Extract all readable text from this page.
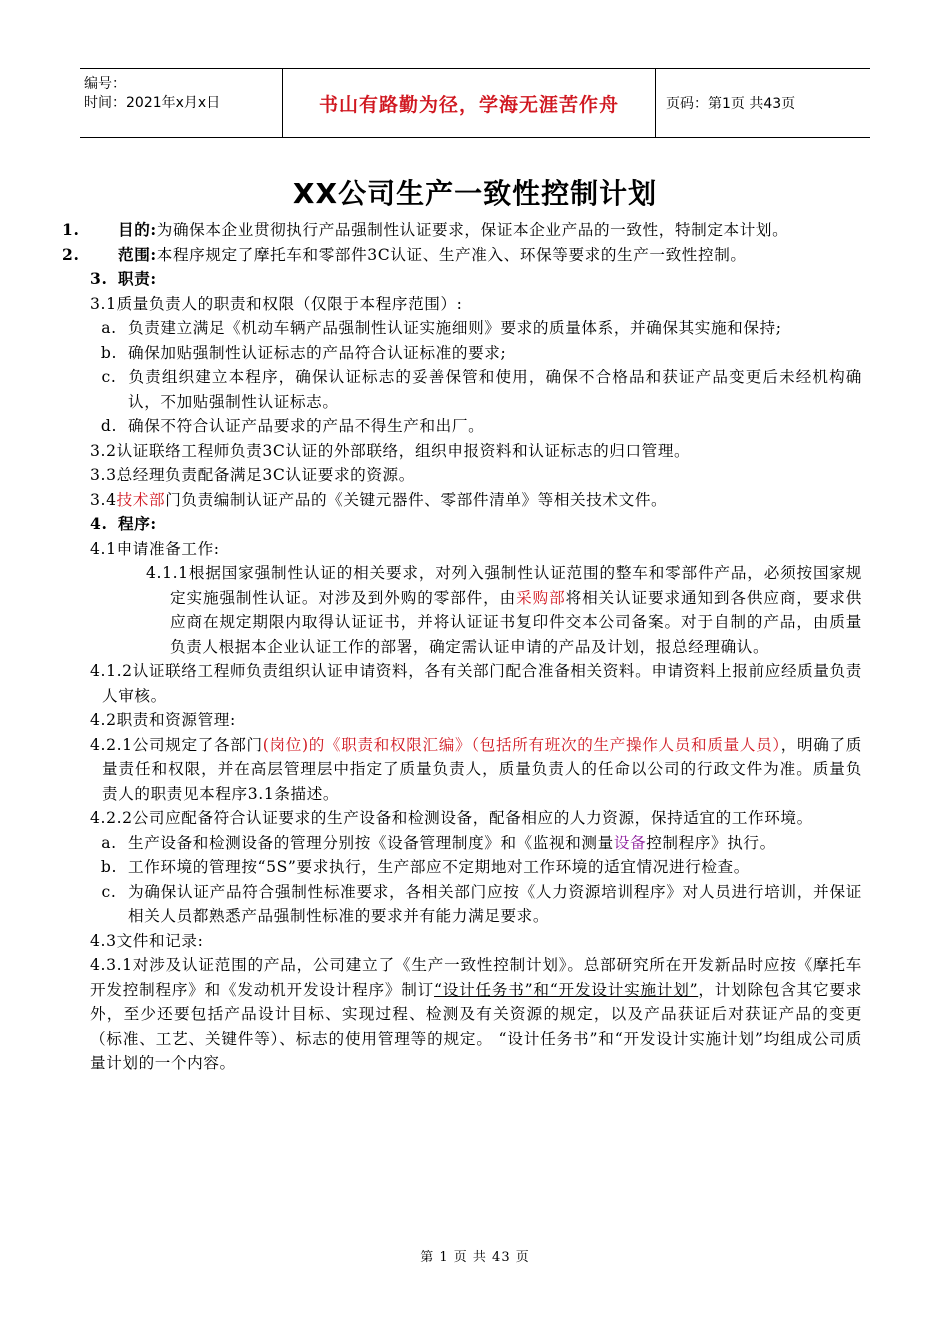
编号：
时间：2021年x月x日	书山有路勤为径，学海无涯苦作舟	页码：第1页 共43页
XX公司生产一致性控制计划

1. 目的:为确保本企业贯彻执行产品强制性认证要求，保证本企业产品的一致性，特制定本计划。

2. 范围:本程序规定了摩托车和零部件3C认证、生产准入、环保等要求的生产一致性控制。

3. 职责:

3.1质量负责人的职责和权限（仅限于本程序范围）:

a. 负责建立满足《机动车辆产品强制性认证实施细则》要求的质量体系，并确保其实施和保持;

b. 确保加贴强制性认证标志的产品符合认证标准的要求;

c. 负责组织建立本程序，确保认证标志的妥善保管和使用，确保不合格品和获证产品变更后未经机构确认，不加贴强制性认证标志。

d. 确保不符合认证产品要求的产品不得生产和出厂。

3.2认证联络工程师负责3C认证的外部联络，组织申报资料和认证标志的归口管理。

3.3总经理负责配备满足3C认证要求的资源。

3.4技术部门负责编制认证产品的《关键元器件、零部件清单》等相关技术文件。

4. 程序:

4.1申请准备工作:

4.1.1根据国家强制性认证的相关要求，对列入强制性认证范围的整车和零部件产品，必须按国家规定实施强制性认证。对涉及到外购的零部件，由采购部将相关认证要求通知到各供应商，要求供应商在规定期限内取得认证证书，并将认证证书复印件交本公司备案。对于自制的产品，由质量负责人根据本企业认证工作的部署，确定需认证申请的产品及计划，报总经理确认。

4.1.2认证联络工程师负责组织认证申请资料，各有关部门配合准备相关资料。申请资料上报前应经质量负责人审核。

4.2职责和资源管理:

4.2.1公司规定了各部门(岗位)的《职责和权限汇编》（包括所有班次的生产操作人员和质量人员），明确了质量责任和权限，并在高层管理层中指定了质量负责人，质量负责人的任命以公司的行政文件为准。质量负责人的职责见本程序3.1条描述。

4.2.2公司应配备符合认证要求的生产设备和检测设备，配备相应的人力资源，保持适宜的工作环境。

a. 生产设备和检测设备的管理分别按《设备管理制度》和《监视和测量设备控制程序》执行。

b. 工作环境的管理按“5S”要求执行，生产部应不定期地对工作环境的适宜情况进行检查。

c. 为确保认证产品符合强制性标准要求，各相关部门应按《人力资源培训程序》对人员进行培训，并保证相关人员都熟悉产品强制性标准的要求并有能力满足要求。

4.3文件和记录:

4.3.1对涉及认证范围的产品，公司建立了《生产一致性控制计划》。总部研究所在开发新品时应按《摩托车开发控制程序》和《发动机开发设计程序》制订“设计任务书”和“开发设计实施计划”，计划除包含其它要求外，至少还要包括产品设计目标、实现过程、检测及有关资源的规定，以及产品获证后对获证产品的变更（标准、工艺、关键件等）、标志的使用管理等的规定。 “设计任务书”和“开发设计实施计划”均组成公司质量计划的一个内容。

第 1 页 共 43 页
